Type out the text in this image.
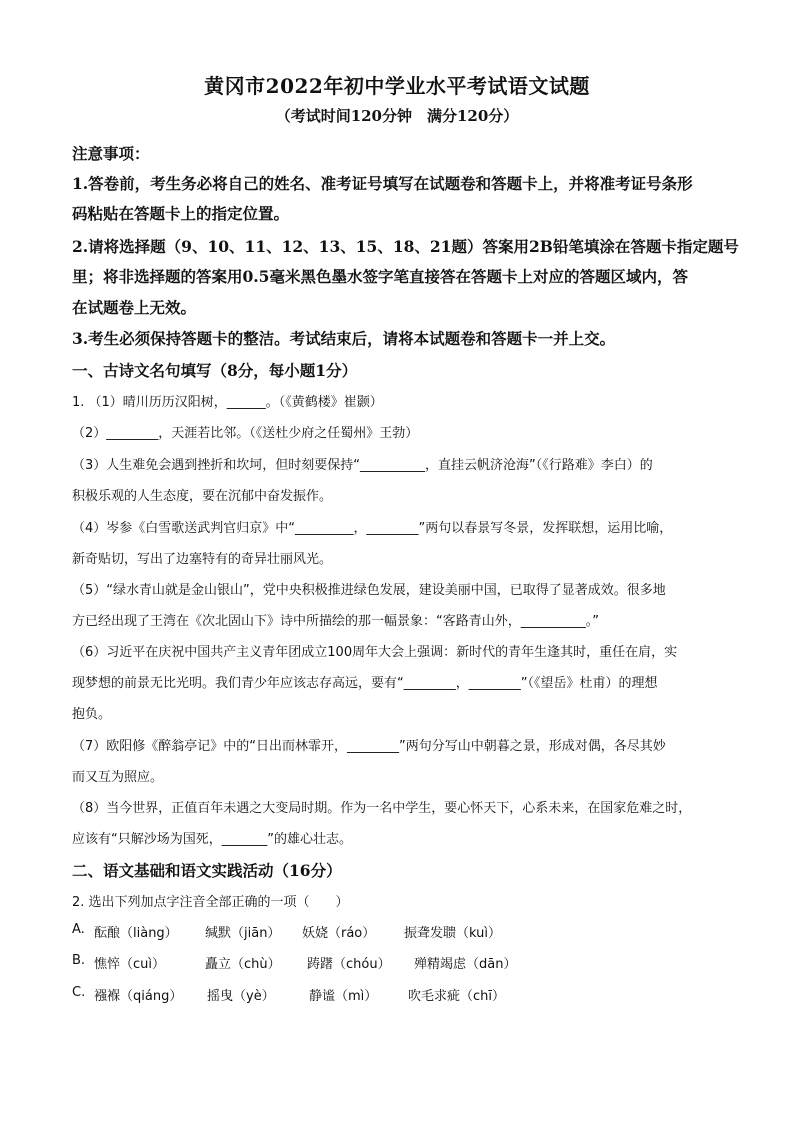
黄冈市2022年初中学业水平考试语文试题
（考试时间120分钟　满分120分）
注意事项：
1.答卷前，考生务必将自己的姓名、准考证号填写在试题卷和答题卡上，并将准考证号条形
码粘贴在答题卡上的指定位置。
2.请将选择题（9、10、11、12、13、15、18、21题）答案用2B铅笔填涂在答题卡指定题号
里；将非选择题的答案用0.5毫米黑色墨水签字笔直接答在答题卡上对应的答题区域内，答
在试题卷上无效。
3.考生必须保持答题卡的整洁。考试结束后，请将本试题卷和答题卡一并上交。
一、古诗文名句填写（8分，每小题1分）
1. （1）晴川历历汉阳树，______。（《黄鹤楼》崔颢）
（2）________，天涯若比邻。（《送杜少府之任蜀州》王勃）
（3）人生难免会遇到挫折和坎坷，但时刻要保持“__________，直挂云帆济沧海”（《行路难》李白）的
积极乐观的人生态度，要在沉郁中奋发振作。
（4）岑参《白雪歌送武判官归京》中“_________，________”两句以春景写冬景，发挥联想，运用比喻，
新奇贴切，写出了边塞特有的奇异壮丽风光。
（5）“绿水青山就是金山银山”，党中央积极推进绿色发展，建设美丽中国，已取得了显著成效。很多地
方已经出现了王湾在《次北固山下》诗中所描绘的那一幅景象：“客路青山外，__________。”
（6）习近平在庆祝中国共产主义青年团成立100周年大会上强调：新时代的青年生逢其时，重任在肩，实
现梦想的前景无比光明。我们青少年应该志存高远，要有“________，________”（《望岳》杜甫）的理想
抱负。
（7）欧阳修《醉翁亭记》中的“日出而林霏开，________”两句分写山中朝暮之景，形成对偶，各尽其妙
而又互为照应。
（8）当今世界，正值百年未遇之大变局时期。作为一名中学生，要心怀天下，心系未来，在国家危难之时，
应该有“只解沙场为国死，_______”的雄心壮志。
二、语文基础和语文实践活动（16分）
2. 选出下列加点字注音全部正确的一项（　　）
A. 酝酿（liàng） 缄默（jiān） 妖娆（ráo） 振聋发聩（kuì）
B. 憔悴（cuì）	矗立（chù） 踌躇（chóu） 殚精竭虑（dān）
C. 襁褓（qiáng） 摇曳（yè）	静谧（mì） 吹毛求疵（chī）
